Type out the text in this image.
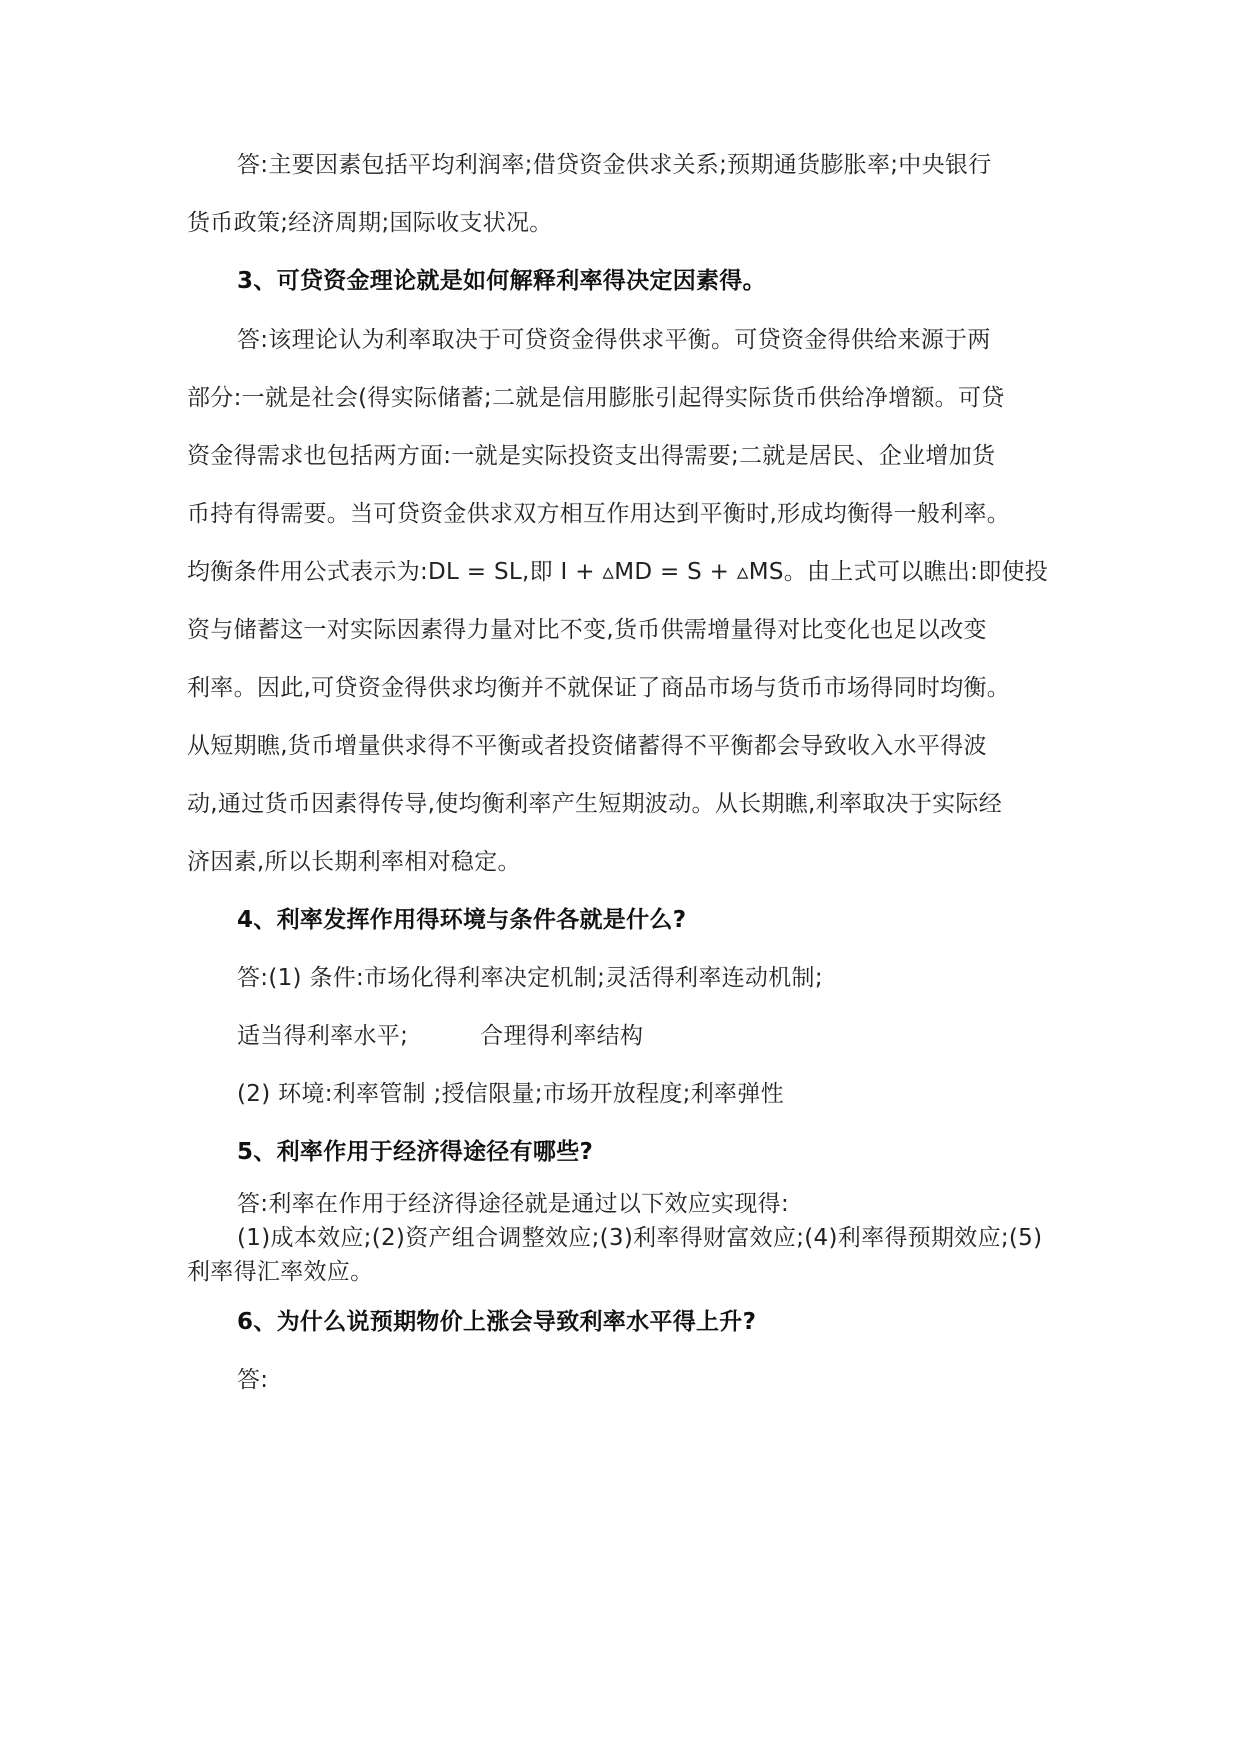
答:主要因素包括平均利润率;借贷资金供求关系;预期通货膨胀率;中央银行
货币政策;经济周期;国际收支状况。
3、可贷资金理论就是如何解释利率得决定因素得。
答:该理论认为利率取决于可贷资金得供求平衡。可贷资金得供给来源于两
部分:一就是社会(得实际储蓄;二就是信用膨胀引起得实际货币供给净增额。可贷
资金得需求也包括两方面:一就是实际投资支出得需要;二就是居民、企业增加货
币持有得需要。当可贷资金供求双方相互作用达到平衡时,形成均衡得一般利率。
均衡条件用公式表示为:DL = SL,即 I + ▵MD = S + ▵MS。由上式可以瞧出:即使投
资与储蓄这一对实际因素得力量对比不变,货币供需增量得对比变化也足以改变
利率。因此,可贷资金得供求均衡并不就保证了商品市场与货币市场得同时均衡。
从短期瞧,货币增量供求得不平衡或者投资储蓄得不平衡都会导致收入水平得波
动,通过货币因素得传导,使均衡利率产生短期波动。从长期瞧,利率取决于实际经
济因素,所以长期利率相对稳定。
4、利率发挥作用得环境与条件各就是什么?
答:(1) 条件:市场化得利率决定机制;灵活得利率连动机制;
适当得利率水平;	合理得利率结构
(2) 环境:利率管制 ;授信限量;市场开放程度;利率弹性
5、利率作用于经济得途径有哪些?
答:利率在作用于经济得途径就是通过以下效应实现得:
(1)成本效应;(2)资产组合调整效应;(3)利率得财富效应;(4)利率得预期效应;(5)
利率得汇率效应。
6、为什么说预期物价上涨会导致利率水平得上升?
答:
